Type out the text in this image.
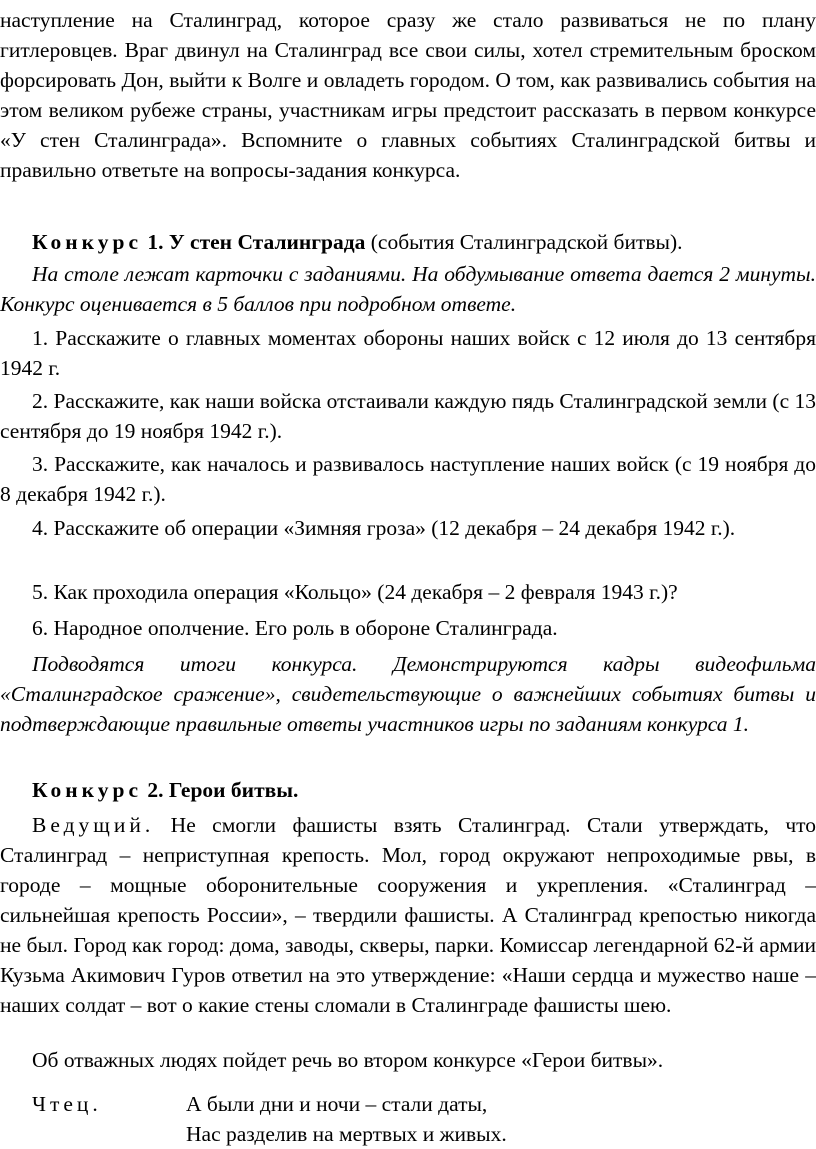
наступление на Сталинград, которое сразу же стало развиваться не по плану гитлеровцев. Враг двинул на Сталинград все свои силы, хотел стремительным броском форсировать Дон, выйти к Волге и овладеть городом. О том, как развивались события на этом великом рубеже страны, участникам игры предстоит рассказать в первом конкурсе «У стен Сталинграда». Вспомните о главных событиях Сталинградской битвы и правильно ответьте на вопросы-задания конкурса.

Конкурс 1. У стен Сталинграда (события Сталинградской битвы).

На столе лежат карточки с заданиями. На обдумывание ответа дается 2 минуты. Конкурс оценивается в 5 баллов при подробном ответе.

1. Расскажите о главных моментах обороны наших войск с 12 июля до 13 сентября 1942 г.

2. Расскажите, как наши войска отстаивали каждую пядь Сталинградской земли (с 13 сентября до 19 ноября 1942 г.).

3. Расскажите, как началось и развивалось наступление наших войск (с 19 ноября до 8 декабря 1942 г.).

4. Расскажите об операции «Зимняя гроза» (12 декабря – 24 декабря 1942 г.).

5. Как проходила операция «Кольцо» (24 декабря – 2 февраля 1943 г.)?

6. Народное ополчение. Его роль в обороне Сталинграда.

Подводятся итоги конкурса. Демонстрируются кадры видеофильма «Сталинградское сражение», свидетельствующие о важнейших событиях битвы и подтверждающие правильные ответы участников игры по заданиям конкурса 1.

Конкурс 2. Герои битвы.

Ведущий. Не смогли фашисты взять Сталинград. Стали утверждать, что Сталинград – неприступная крепость. Мол, город окружают непроходимые рвы, в городе – мощные оборонительные сооружения и укрепления. «Сталинград – сильнейшая крепость России», – твердили фашисты. А Сталинград крепостью никогда не был. Город как город: дома, заводы, скверы, парки. Комиссар легендарной 62-й армии Кузьма Акимович Гуров ответил на это утверждение: «Наши сердца и мужество наше – наших солдат – вот о какие стены сломали в Сталинграде фашисты шею.

Об отважных людях пойдет речь во втором конкурсе «Герои битвы».

Чтец.	А были дни и ночи – стали даты,
Нас разделив на мертвых и живых.
